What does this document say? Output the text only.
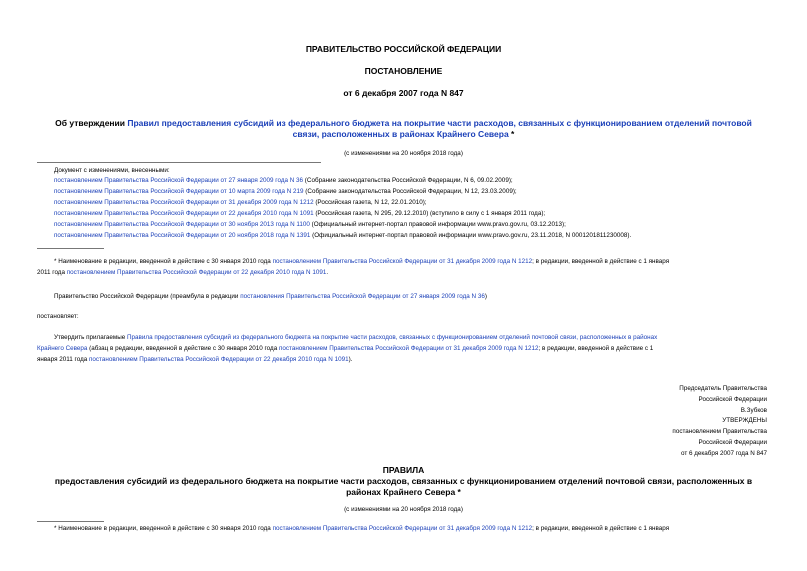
ПРАВИТЕЛЬСТВО РОССИЙСКОЙ ФЕДЕРАЦИИ
ПОСТАНОВЛЕНИЕ
от 6 декабря 2007 года N 847
Об утверждении Правил предоставления субсидий из федерального бюджета на покрытие части расходов, связанных с функционированием отделений почтовой
связи, расположенных в районах Крайнего Севера *
(с изменениями на 20 ноября 2018 года)
Документ с изменениями, внесенными:
постановлением Правительства Российской Федерации от 27 января 2009 года N 36 (Собрание законодательства Российской Федерации, N 6, 09.02.2009);
постановлением Правительства Российской Федерации от 10 марта 2009 года N 219 (Собрание законодательства Российской Федерации, N 12, 23.03.2009);
постановлением Правительства Российской Федерации от 31 декабря 2009 года N 1212 (Российская газета, N 12, 22.01.2010);
постановлением Правительства Российской Федерации от 22 декабря 2010 года N 1091 (Российская газета, N 295, 29.12.2010) (вступило в силу с 1 января 2011 года);
постановлением Правительства Российской Федерации от 30 ноября 2013 года N 1100 (Официальный интернет-портал правовой информации www.pravo.gov.ru, 03.12.2013);
постановлением Правительства Российской Федерации от 20 ноября 2018 года N 1391 (Официальный интернет-портал правовой информации www.pravo.gov.ru, 23.11.2018, N 0001201811230008).
* Наименование в редакции, введенной в действие с 30 января 2010 года постановлением Правительства Российской Федерации от 31 декабря 2009 года N 1212; в редакции, введенной в действие с 1 января
2011 года постановлением Правительства Российской Федерации от 22 декабря 2010 года N 1091.
Правительство Российской Федерации (преамбула в редакции постановления Правительства Российской Федерации от 27 января 2009 года N 36)
постановляет:
Утвердить прилагаемые Правила предоставления субсидий из федерального бюджета на покрытие части расходов, связанных с функционированием отделений почтовой связи, расположенных в районах
Крайнего Севера (абзац в редакции, введенной в действие с 30 января 2010 года постановлением Правительства Российской Федерации от 31 декабря 2009 года N 1212; в редакции, введенной в действие с 1
января 2011 года постановлением Правительства Российской Федерации от 22 декабря 2010 года N 1091).
Председатель Правительства
Российской Федерации
В.Зубков
УТВЕРЖДЕНЫ
постановлением Правительства
Российской Федерации
от 6 декабря 2007 года N 847
ПРАВИЛА
предоставления субсидий из федерального бюджета на покрытие части расходов, связанных с функционированием отделений почтовой связи, расположенных в
районах Крайнего Севера *
(с изменениями на 20 ноября 2018 года)
* Наименование в редакции, введенной в действие с 30 января 2010 года постановлением Правительства Российской Федерации от 31 декабря 2009 года N 1212; в редакции, введенной в действие с 1 января
